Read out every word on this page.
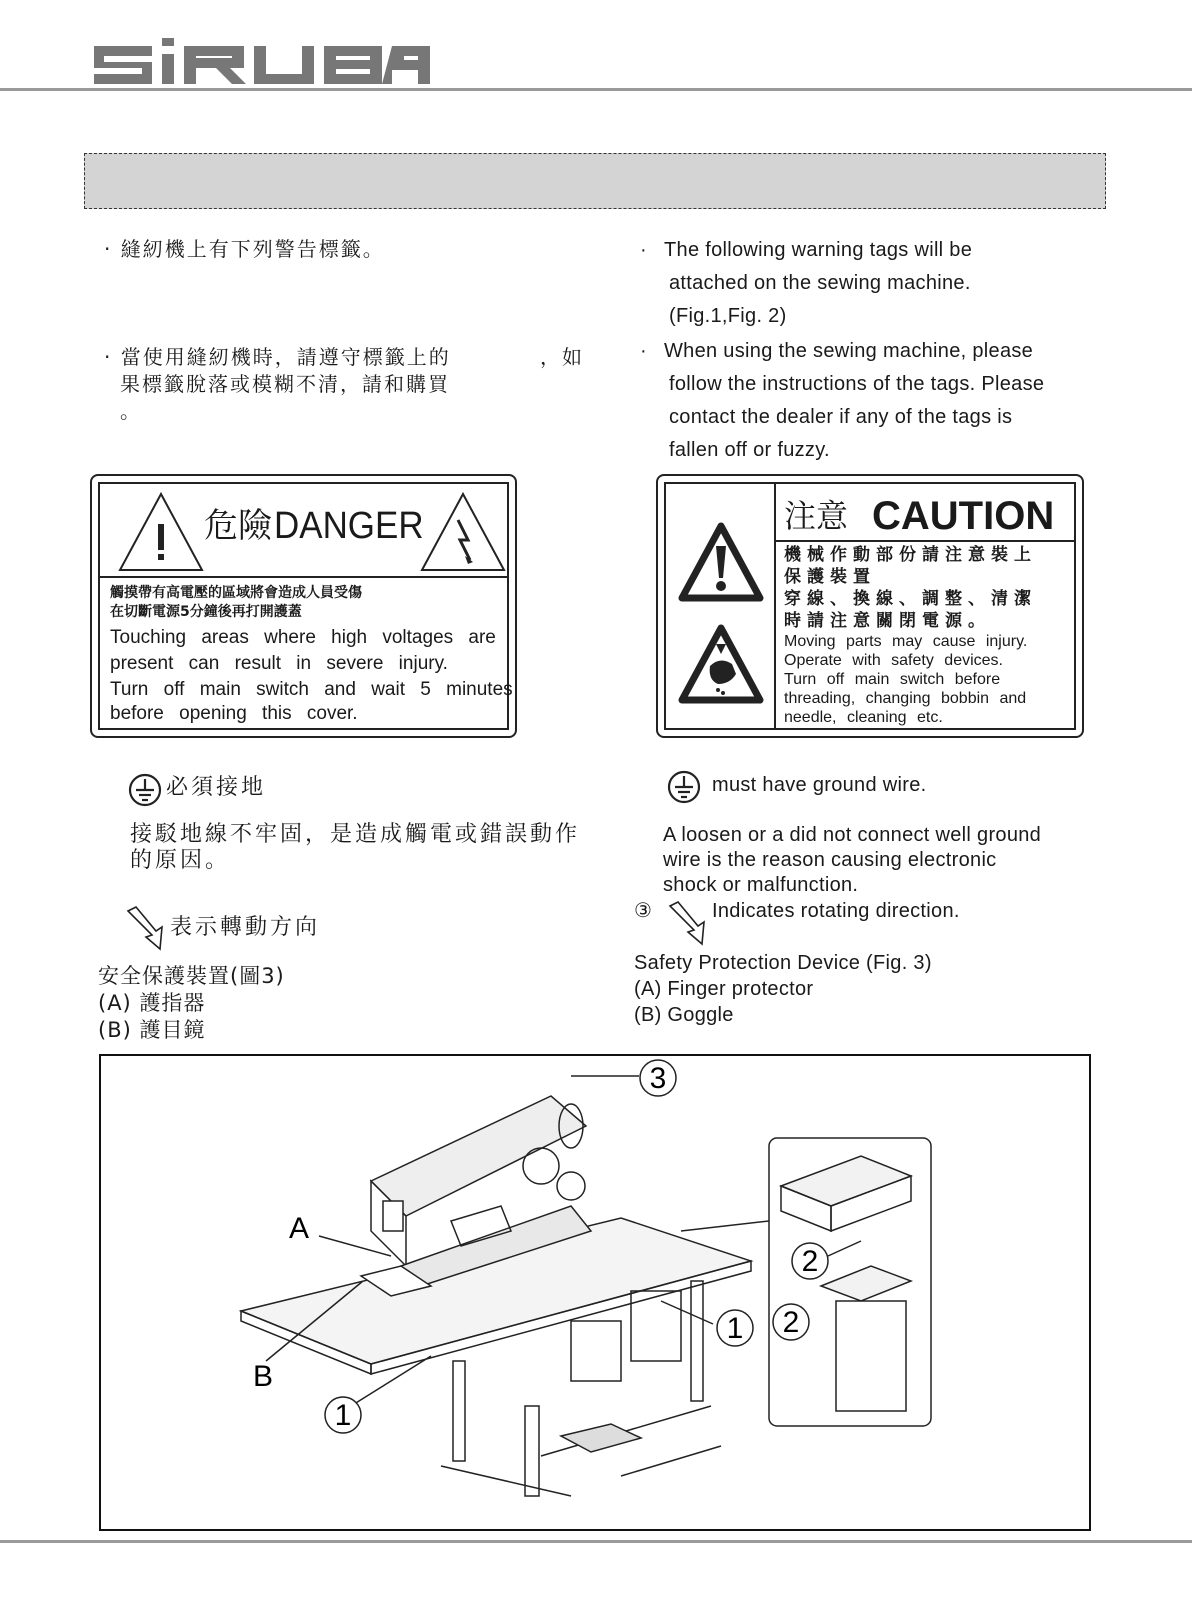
SiRUBA
· 縫紉機上有下列警告標籤。
· 當使用縫紉機時，請遵守標籤上的	，如
果標籤脫落或模糊不清，請和購買
。
· The following warning tags will be
attached on the sewing machine.
(Fig.1,Fig. 2)
· When using the sewing machine, please
follow the instructions of the tags. Please
contact the dealer if any of the tags is
fallen off or fuzzy.
危險 DANGER
觸摸帶有高電壓的區域將會造成人員受傷
在切斷電源5分鐘後再打開護蓋
Touching areas where high voltages are
present can result in severe injury.
Turn off main switch and wait 5 minutes
before opening this cover.
注意 CAUTION
機械作動部份請注意裝上
保護裝置
穿線、換線、調整、清潔
時請注意關閉電源。
Moving parts may cause injury.
Operate with safety devices.
Turn off main switch before
threading, changing bobbin and
needle, cleaning etc.
必須接地
接駁地線不牢固，是造成觸電或錯誤動作
的原因。
must have ground wire.
A loosen or a did not connect well ground
wire is the reason causing electronic
shock or malfunction.
表示轉動方向
③	Indicates rotating direction.
安全保護裝置(圖3)
(A) 護指器
(B) 護目鏡
Safety Protection Device (Fig. 3)
(A) Finger protector
(B) Goggle
3
2
2
1
1
A
B
